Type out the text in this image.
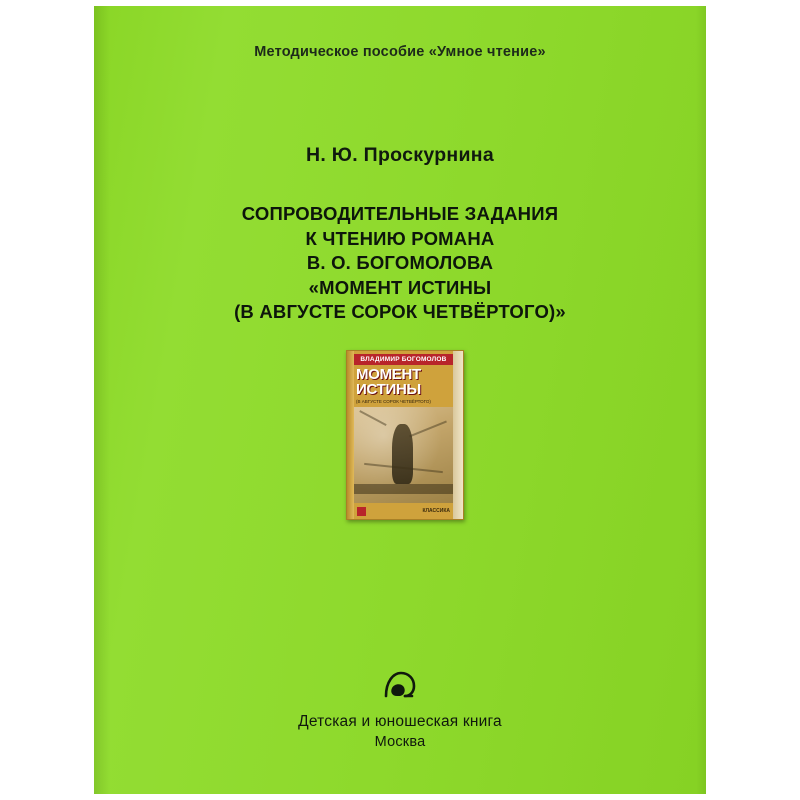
Методическое пособие «Умное чтение»
Н. Ю. Проскурнина
СОПРОВОДИТЕЛЬНЫЕ ЗАДАНИЯ
К ЧТЕНИЮ РОМАНА
В. О. БОГОМОЛОВА
«МОМЕНТ ИСТИНЫ
(В АВГУСТЕ СОРОК ЧЕТВЁРТОГО)»
ВЛАДИМИР БОГОМОЛОВ
МОМЕНТ
ИСТИНЫ
(В АВГУСТЕ СОРОК ЧЕТВЁРТОГО)
КЛАССИКА
Детская и юношеская книга
Москва
